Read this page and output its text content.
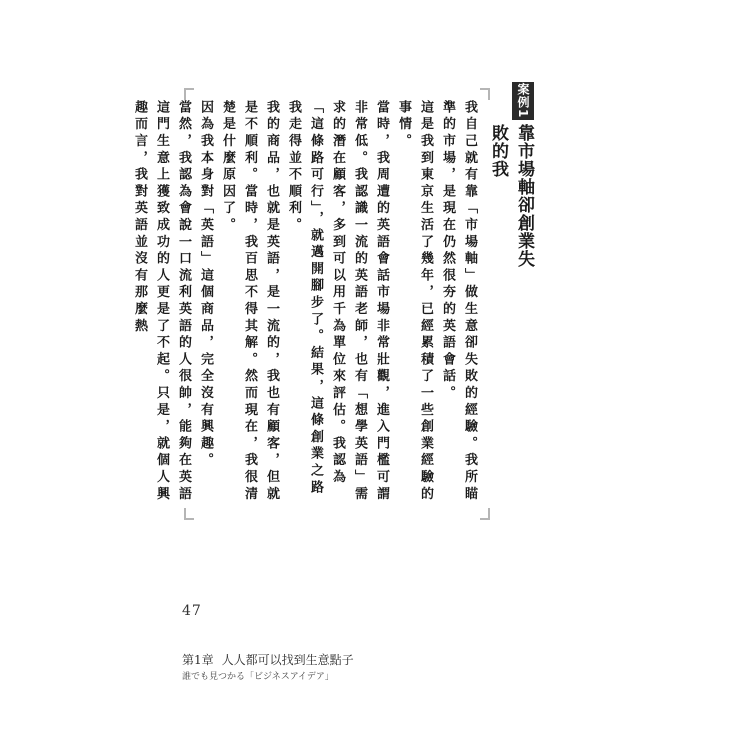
案例1
靠市場軸卻創業失敗的我

我自己就有靠「市場軸」做生意卻失敗的經驗。我所瞄準的市場，是現在仍然很夯的英語會話。

這是我到東京生活了幾年，已經累積了一些創業經驗的事情。

當時，我周遭的英語會話市場非常壯觀，進入門檻可謂非常低。我認識一流的英語老師，也有「想學英語」需求的潛在顧客，多到可以用千為單位來評估。我認為「這條路可行」，就邁開腳步了。結果，這條創業之路我走得並不順利。

我的商品，也就是英語，是一流的，我也有顧客，但就是不順利。當時，我百思不得其解。然而現在，我很清楚是什麼原因了。

因為我本身對「英語」這個商品，完全沒有興趣。

當然，我認為會說一口流利英語的人很帥，能夠在英語這門生意上獲致成功的人更是了不起。只是，就個人興趣而言，我對英語並沒有那麼熱

47
第1章 人人都可以找到生意點子
誰でも見つかる「ビジネスアイデア」
